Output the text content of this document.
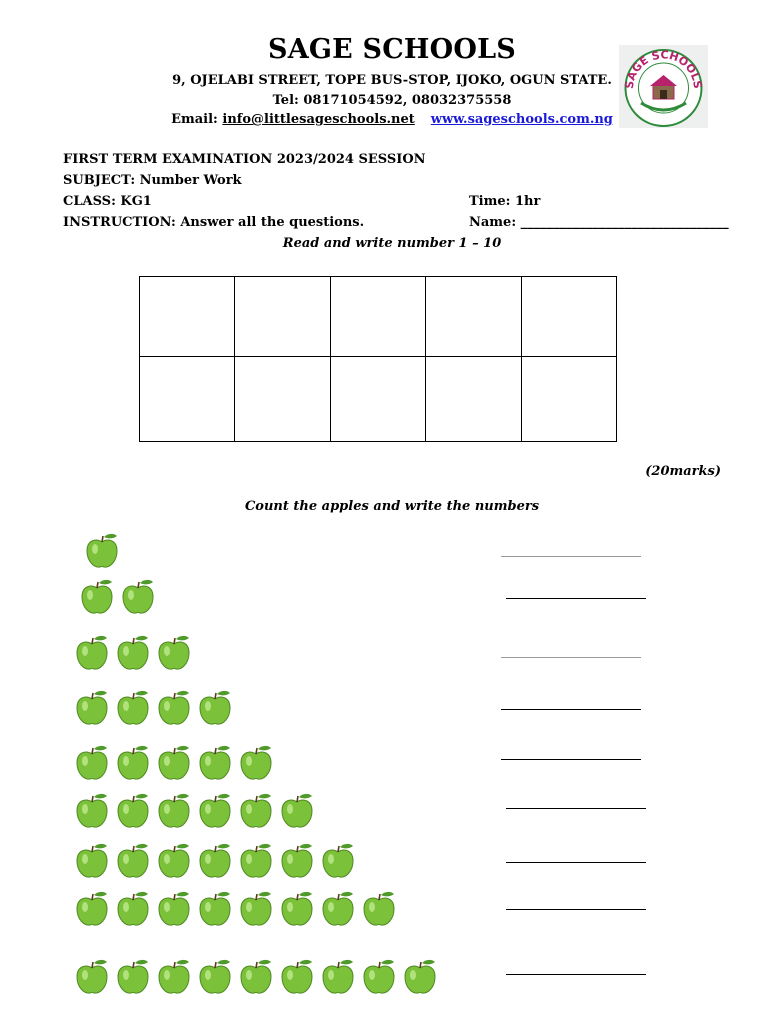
SAGE SCHOOLS
9, OJELABI STREET, TOPE BUS-STOP, IJOKO, OGUN STATE.
Tel: 08171054592, 08032375558
Email: info@littlesageschools.net www.sageschools.com.ng
SAGE SCHOOLS
FIRST TERM EXAMINATION 2023/2024 SESSION
SUBJECT: Number Work
CLASS: KG1	Time: 1hr
INSTRUCTION: Answer all the questions.	Name: ________________________________
Read and write number 1 – 10

(20marks)
Count the apples and write the numbers
